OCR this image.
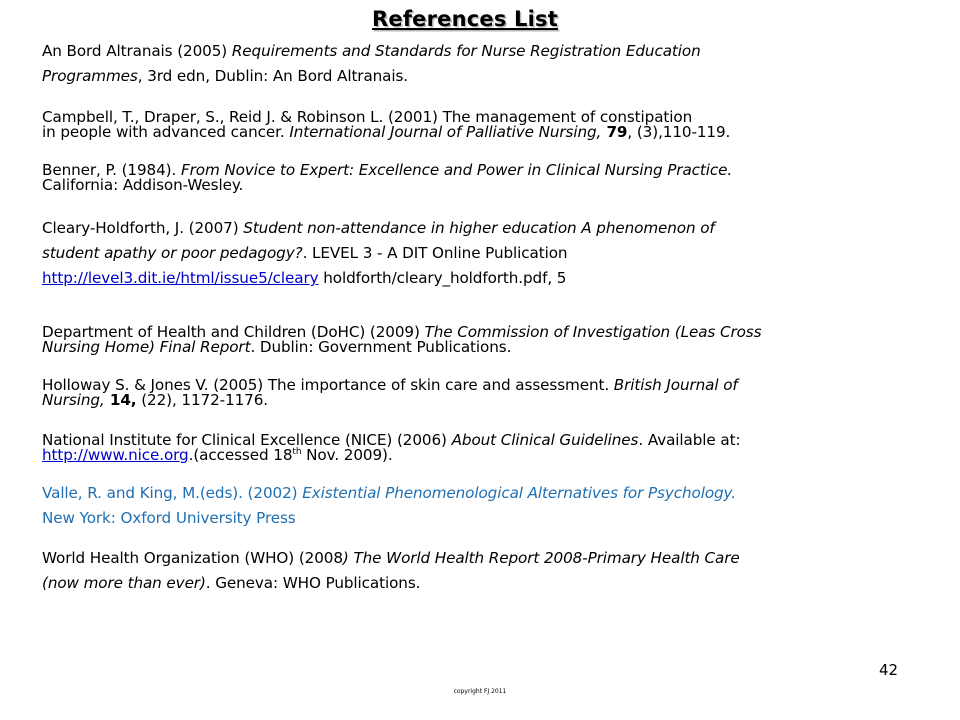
References List
An Bord Altranais (2005) Requirements and Standards for Nurse Registration Education
Programmes, 3rd edn, Dublin: An Bord Altranais.
Campbell, T., Draper, S., Reid J. & Robinson L. (2001) The management of constipation
in people with advanced cancer. International Journal of Palliative Nursing, 79, (3),110-119.
Benner, P. (1984). From Novice to Expert: Excellence and Power in Clinical Nursing Practice.
California: Addison-Wesley.
Cleary-Holdforth, J. (2007) Student non-attendance in higher education A phenomenon of
student apathy or poor pedagogy?. LEVEL 3 - A DIT Online Publication
http://level3.dit.ie/html/issue5/cleary holdforth/cleary_holdforth.pdf, 5
Department of Health and Children (DoHC) (2009) The Commission of Investigation (Leas Cross
Nursing Home) Final Report. Dublin: Government Publications.
Holloway S. & Jones V. (2005) The importance of skin care and assessment. British Journal of
Nursing, 14, (22), 1172-1176.
National Institute for Clinical Excellence (NICE) (2006) About Clinical Guidelines. Available at:
http://www.nice.org.(accessed 18th Nov. 2009).
Valle, R. and King, M.(eds). (2002) Existential Phenomenological Alternatives for Psychology.
New York: Oxford University Press
World Health Organization (WHO) (2008) The World Health Report 2008-Primary Health Care
(now more than ever). Geneva: WHO Publications.
42
copyright FJ 2011
